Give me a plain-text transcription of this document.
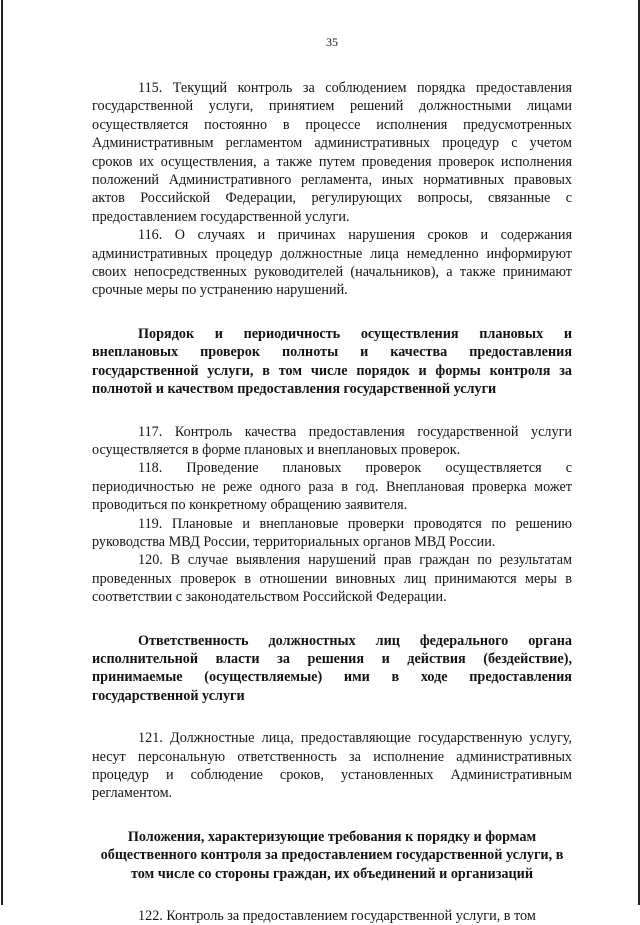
35

115. Текущий контроль за соблюдением порядка предоставления государственной услуги, принятием решений должностными лицами осуществляется постоянно в процессе исполнения предусмотренных Административным регламентом административных процедур с учетом сроков их осуществления, а также путем проведения проверок исполнения положений Административного регламента, иных нормативных правовых актов Российской Федерации, регулирующих вопросы, связанные с предоставлением государственной услуги.

116. О случаях и причинах нарушения сроков и содержания административных процедур должностные лица немедленно информируют своих непосредственных руководителей (начальников), а также принимают срочные меры по устранению нарушений.

Порядок и периодичность осуществления плановых и внеплановых проверок полноты и качества предоставления государственной услуги, в том числе порядок и формы контроля за полнотой и качеством предоставления государственной услуги

117. Контроль качества предоставления государственной услуги осуществляется в форме плановых и внеплановых проверок.

118. Проведение плановых проверок осуществляется с периодичностью не реже одного раза в год. Внеплановая проверка может проводиться по конкретному обращению заявителя.

119. Плановые и внеплановые проверки проводятся по решению руководства МВД России, территориальных органов МВД России.

120. В случае выявления нарушений прав граждан по результатам проведенных проверок в отношении виновных лиц принимаются меры в соответствии с законодательством Российской Федерации.

Ответственность должностных лиц федерального органа исполнительной власти за решения и действия (бездействие), принимаемые (осуществляемые) ими в ходе предоставления государственной услуги

121. Должностные лица, предоставляющие государственную услугу, несут персональную ответственность за исполнение административных процедур и соблюдение сроков, установленных Административным регламентом.

Положения, характеризующие требования к порядку и формам общественного контроля за предоставлением государственной услуги, в том числе со стороны граждан, их объединений и организаций

122. Контроль за предоставлением государственной услуги, в том
